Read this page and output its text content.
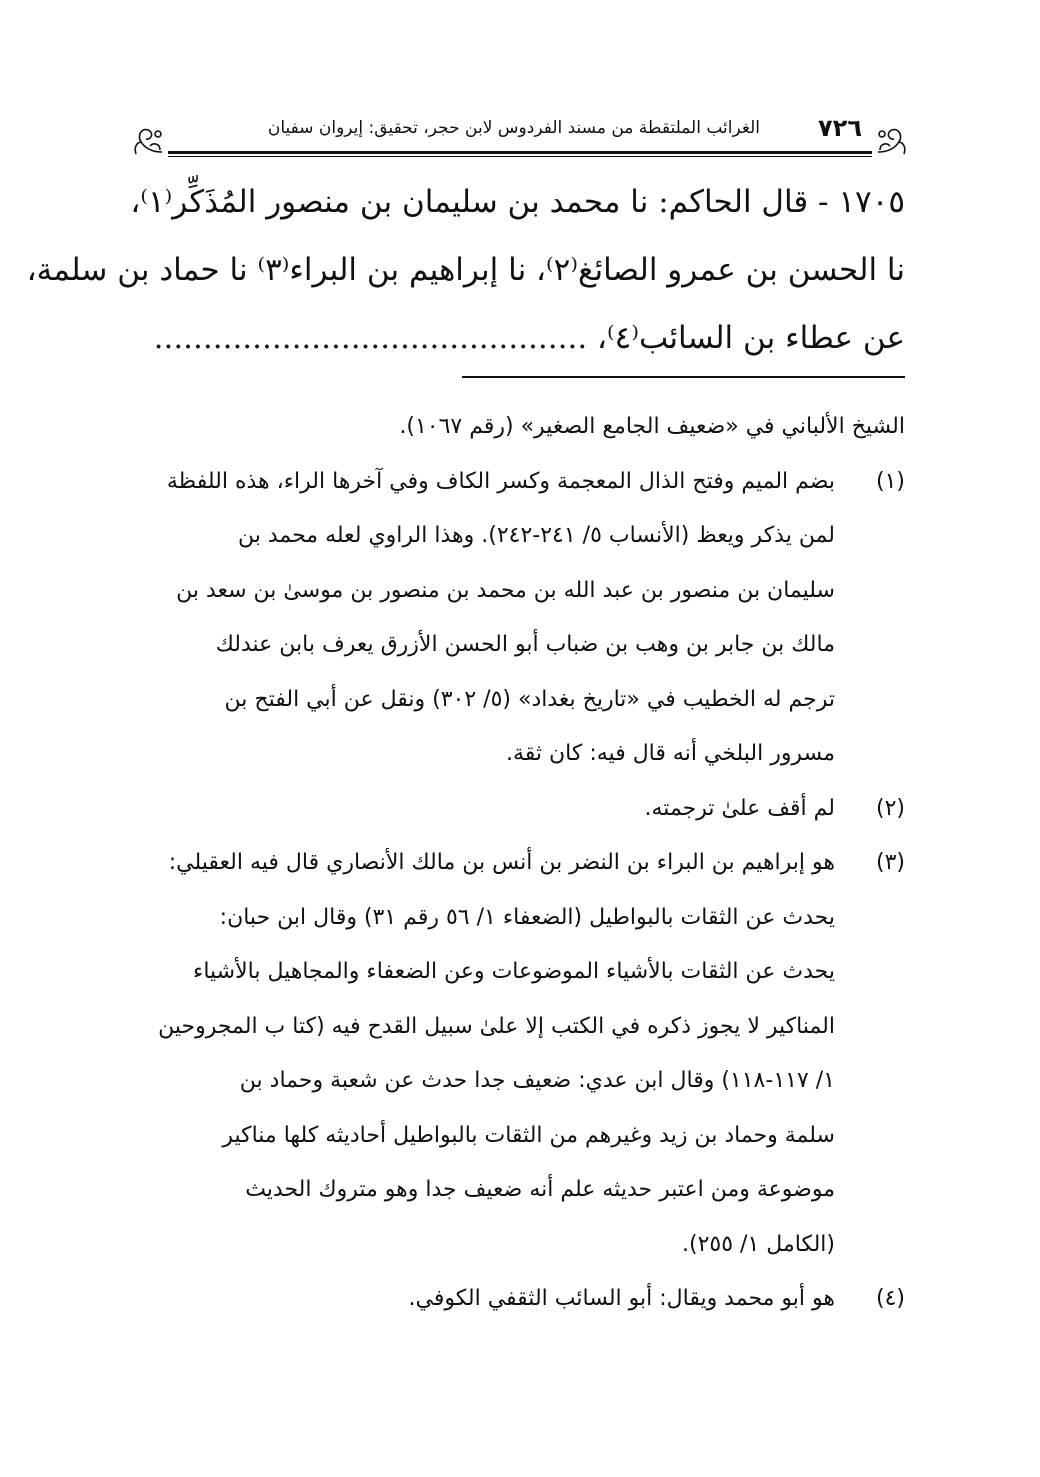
الغرائب الملتقطة من مسند الفردوس لابن حجر، تحقيق: إيروان سفيان ٧٢٦
١٧٠٥ - قال الحاكم: نا محمد بن سليمان بن منصور المُذَكِّر⁽١⁾،
نا الحسن بن عمرو الصائغ⁽٢⁾، نا إبراهيم بن البراء⁽٣⁾ نا حماد بن سلمة،
عن عطاء بن السائب⁽٤⁾، ............................................
الشيخ الألباني في «ضعيف الجامع الصغير» (رقم ١٠٦٧).
(١)
بضم الميم وفتح الذال المعجمة وكسر الكاف وفي آخرها الراء، هذه اللفظة
لمن يذكر ويعظ (الأنساب ٥/ ٢٤١-٢٤٢). وهذا الراوي لعله محمد بن
سليمان بن منصور بن عبد الله بن محمد بن منصور بن موسىٰ بن سعد بن
مالك بن جابر بن وهب بن ضباب أبو الحسن الأزرق يعرف بابن عندلك
ترجم له الخطيب في «تاريخ بغداد» (٥/ ٣٠٢) ونقل عن أبي الفتح بن
مسرور البلخي أنه قال فيه: كان ثقة.
(٢)
لم أقف علىٰ ترجمته.
(٣)
هو إبراهيم بن البراء بن النضر بن أنس بن مالك الأنصاري قال فيه العقيلي:
يحدث عن الثقات بالبواطيل (الضعفاء ١/ ٥٦ رقم ٣١) وقال ابن حبان:
يحدث عن الثقات بالأشياء الموضوعات وعن الضعفاء والمجاهيل بالأشياء
المناكير لا يجوز ذكره في الكتب إلا علىٰ سبيل القدح فيه (كتا ب المجروحين
١/ ١١٧-١١٨) وقال ابن عدي: ضعيف جدا حدث عن شعبة وحماد بن
سلمة وحماد بن زيد وغيرهم من الثقات بالبواطيل أحاديثه كلها مناكير
موضوعة ومن اعتبر حديثه علم أنه ضعيف جدا وهو متروك الحديث
(الكامل ١/ ٢٥٥).
(٤)
هو أبو محمد ويقال: أبو السائب الثقفي الكوفي.
